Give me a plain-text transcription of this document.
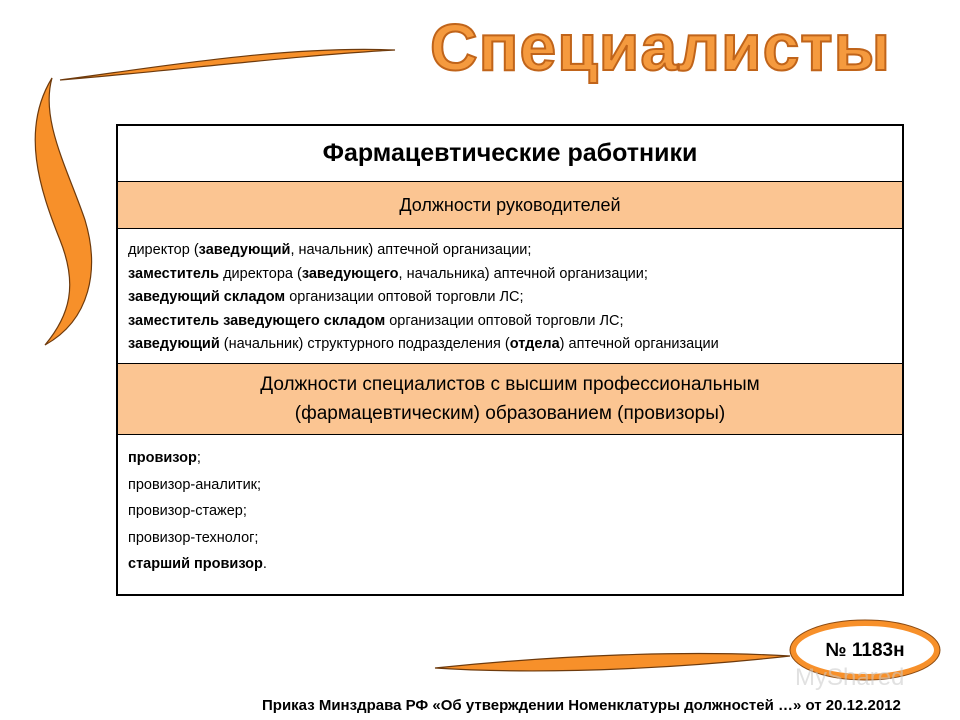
Специалисты
Фармацевтические работники
Должности руководителей
директор (заведующий, начальник) аптечной организации;
заместитель директора (заведующего, начальника) аптечной организации;
заведующий складом организации оптовой торговли ЛС;
заместитель заведующего складом организации оптовой торговли ЛС;
заведующий (начальник) структурного подразделения (отдела) аптечной организации
Должности специалистов с высшим профессиональным
(фармацевтическим) образованием (провизоры)
провизор;
провизор-аналитик;
провизор-стажер;
провизор-технолог;
старший провизор.
№ 1183н
MyShared
Приказ Минздрава РФ «Об утверждении Номенклатуры должностей …» от 20.12.2012
